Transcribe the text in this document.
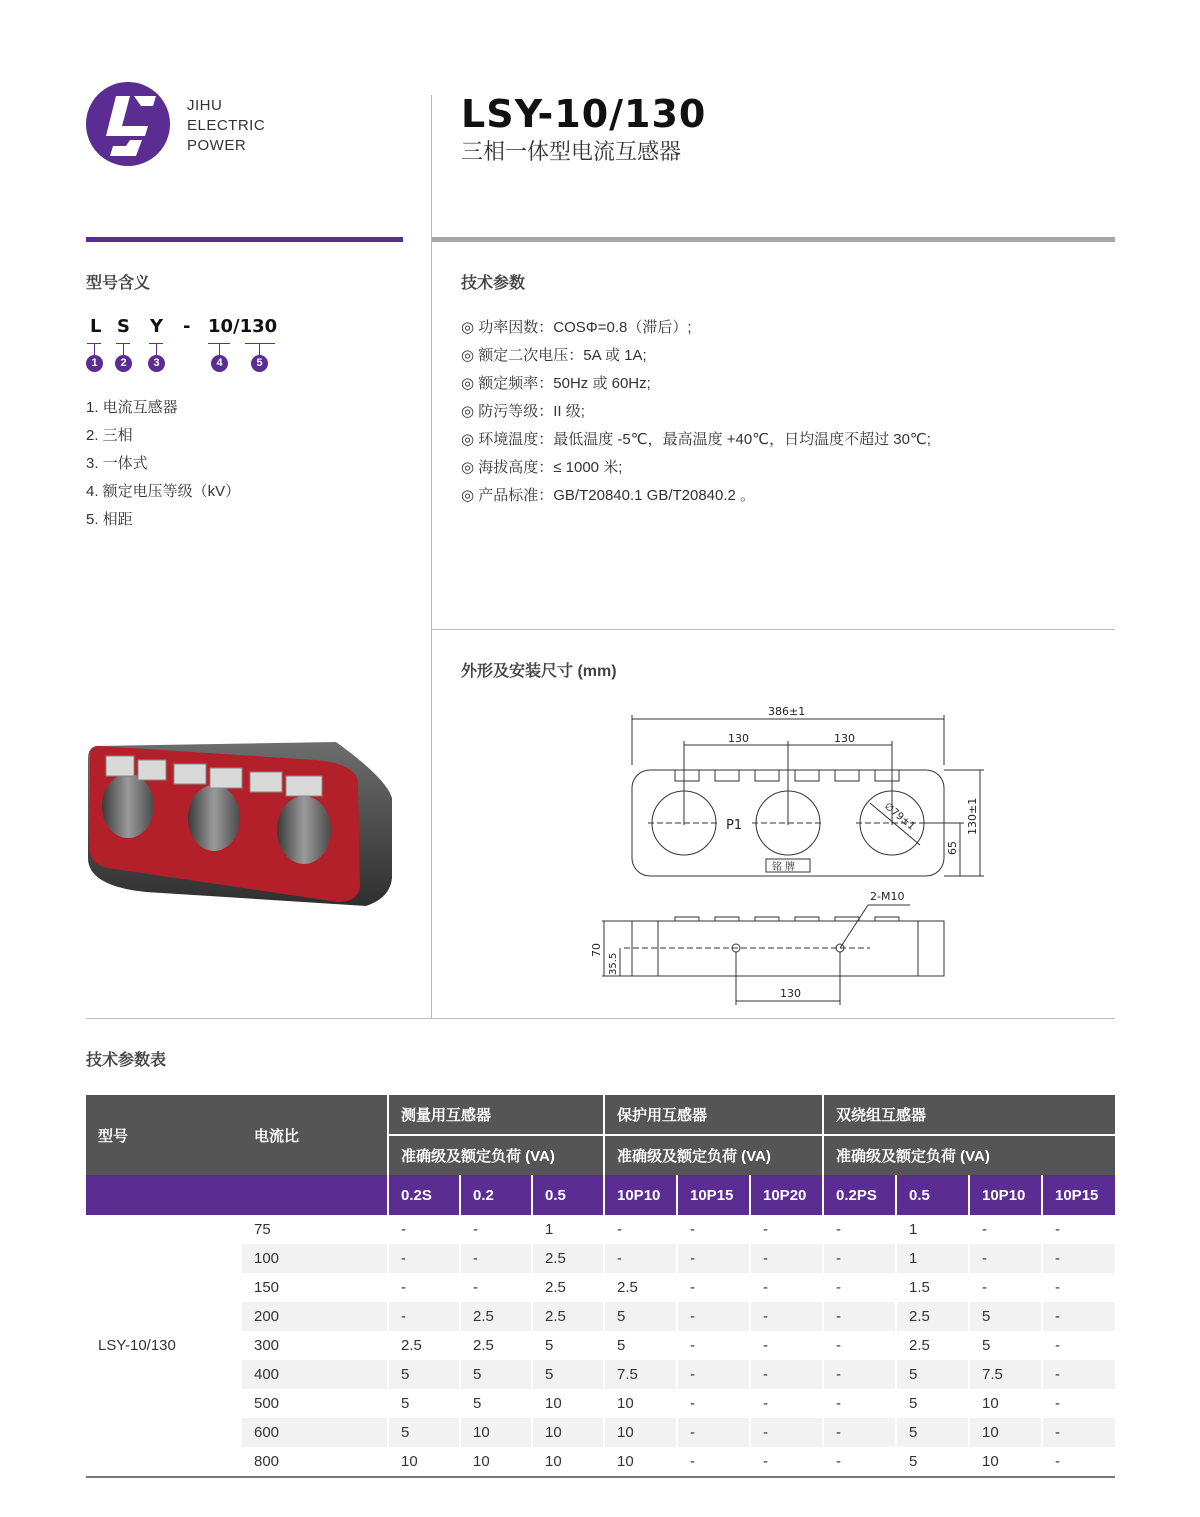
JIHU
ELECTRIC
POWER
LSY-10/130
三相一体型电流互感器
型号含义
L S Y - 10/130
1	2	3	4	5
1. 电流互感器
2. 三相
3. 一体式
4. 额定电压等级（kV）
5. 相距
技术参数
◎ 功率因数：COSΦ=0.8（滞后）;
◎ 额定二次电压：5A 或 1A;
◎ 额定频率：50Hz 或 60Hz;
◎ 防污等级：II 级;
◎ 环境温度：最低温度 -5℃，最高温度 +40℃，日均温度不超过 30℃;
◎ 海拔高度：≤ 1000 米;
◎ 产品标准：GB/T20840.1 GB/T20840.2 。
外形及安装尺寸 (mm)
386±1
130	130
P1
铭 牌
∅79±1	130±1
65
2-M10
70
35.5
130
技术参数表
型号	电流比	测量用互感器			保护用互感器			双绕组互感器			
		准确级及额定负荷 (VA)			准确级及额定负荷 (VA)			准确级及额定负荷 (VA)			
		0.2S	0.2	0.5	10P10	10P15	10P20	0.2PS	0.5	10P10	10P15
LSY-10/130	75	-	-	1	-	-	-	-	1	-	-
	100	-	-	2.5	-	-	-	-	1	-	-
	150	-	-	2.5	2.5	-	-	-	1.5	-	-
	200	-	2.5	2.5	5	-	-	-	2.5	5	-
	300	2.5	2.5	5	5	-	-	-	2.5	5	-
	400	5	5	5	7.5	-	-	-	5	7.5	-
	500	5	5	10	10	-	-	-	5	10	-
	600	5	10	10	10	-	-	-	5	10	-
	800	10	10	10	10	-	-	-	5	10	-
